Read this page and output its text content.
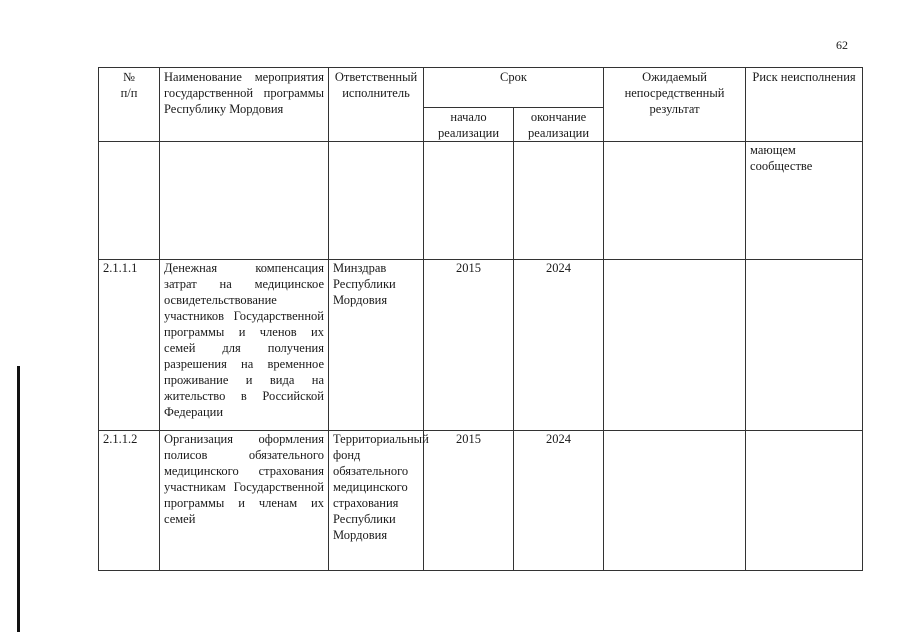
62
№
п/п	Наименование мероприятия государственной программы Республику Мордовия	Ответственный исполнитель	Срок		Ожидаемый непосредственный результат	Риск неисполнения
			начало реализации	окончание реализации		
						мающем сообществе
2.1.1.1	Денежная компенсация затрат на медицинское освидетельствование участников Государственной программы и членов их семей для получения разрешения на временное проживание и вида на жительство в Российской Федерации	Минздрав Республики Мордовия	2015	2024		
2.1.1.2	Организация оформления полисов обязательного медицинского страхования участникам Государственной программы и членам их семей	Территориальный фонд обязательного медицинского страхования Республики Мордовия	2015	2024		
